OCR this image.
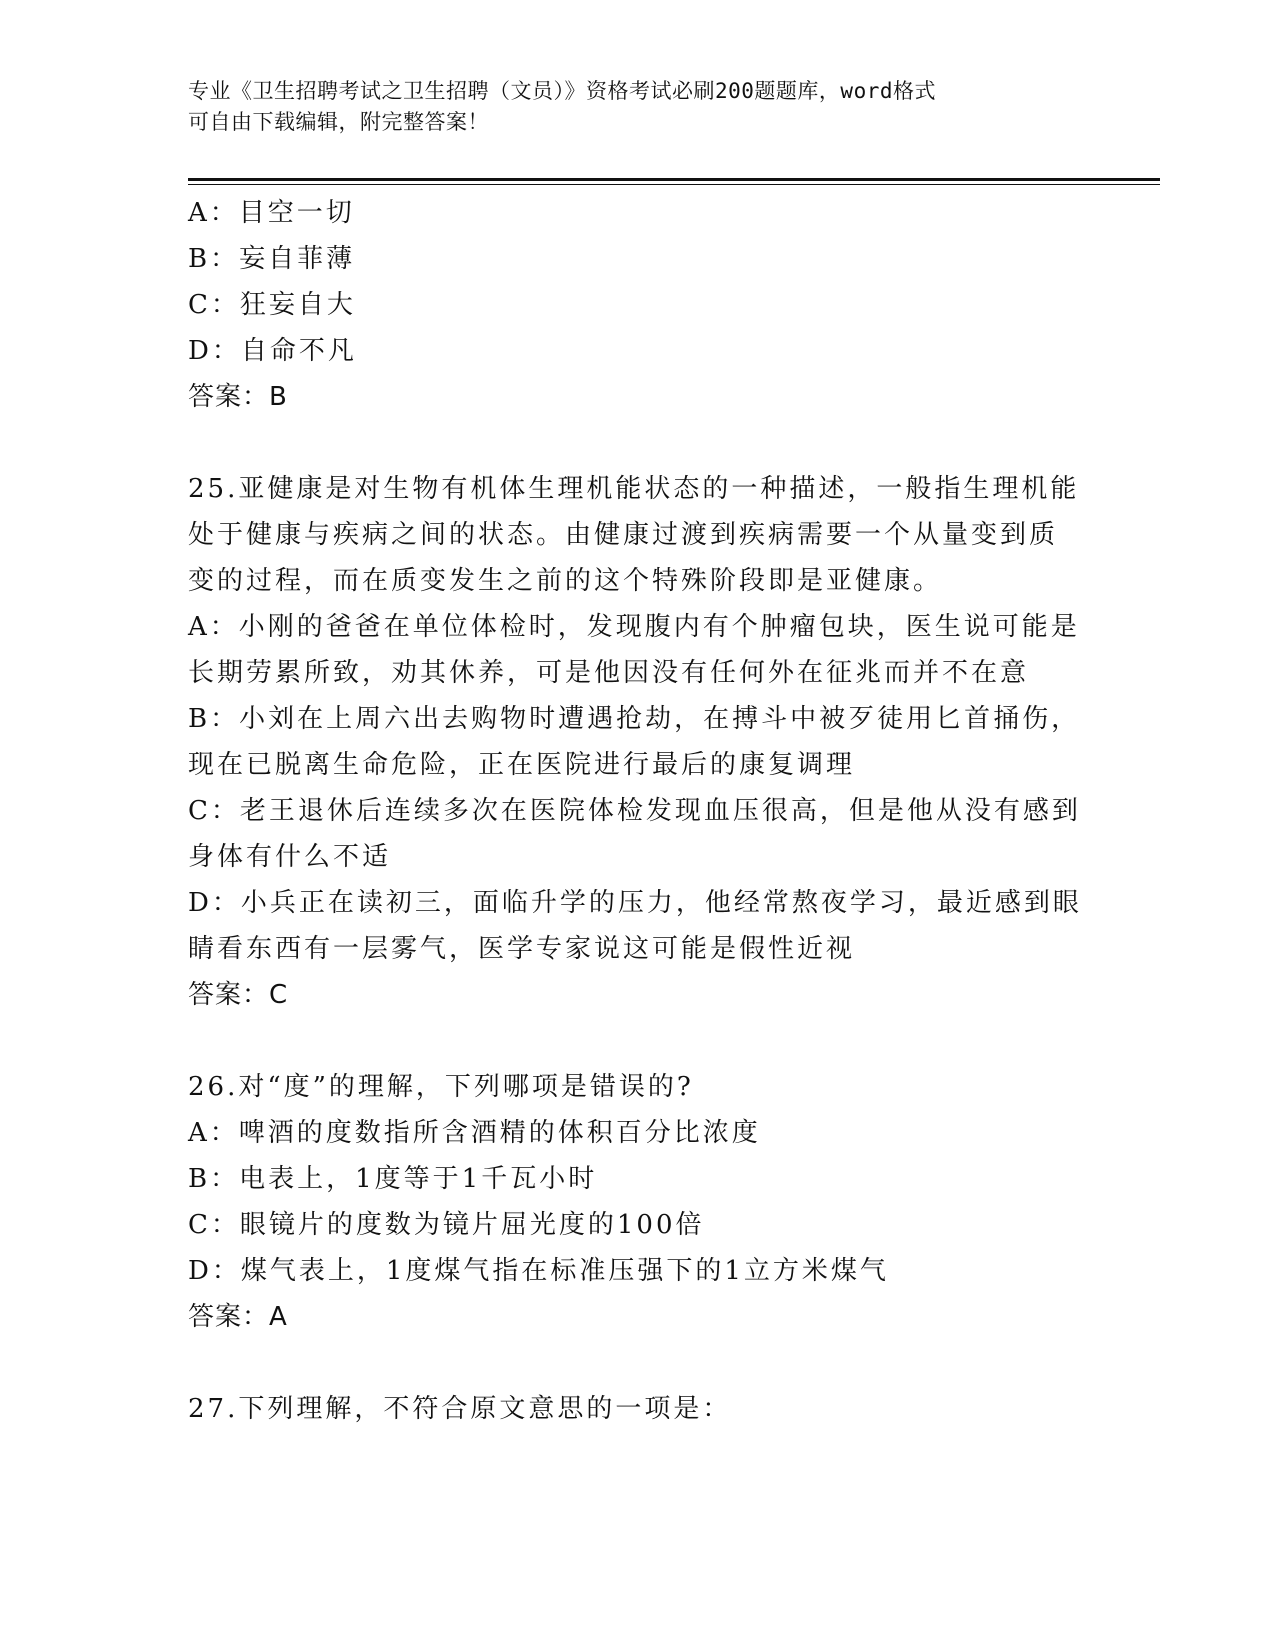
专业《卫生招聘考试之卫生招聘（文员）》资格考试必刷200题题库，word格式
可自由下载编辑，附完整答案！
A：目空一切
B：妄自菲薄
C：狂妄自大
D：自命不凡
答案：B
25.亚健康是对生物有机体生理机能状态的一种描述，一般指生理机能
处于健康与疾病之间的状态。由健康过渡到疾病需要一个从量变到质
变的过程，而在质变发生之前的这个特殊阶段即是亚健康。
A：小刚的爸爸在单位体检时，发现腹内有个肿瘤包块，医生说可能是
长期劳累所致，劝其休养，可是他因没有任何外在征兆而并不在意
B：小刘在上周六出去购物时遭遇抢劫，在搏斗中被歹徒用匕首捅伤，
现在已脱离生命危险，正在医院进行最后的康复调理
C：老王退休后连续多次在医院体检发现血压很高，但是他从没有感到
身体有什么不适
D：小兵正在读初三，面临升学的压力，他经常熬夜学习，最近感到眼
睛看东西有一层雾气，医学专家说这可能是假性近视
答案：C
26.对“度”的理解，下列哪项是错误的?
A：啤酒的度数指所含酒精的体积百分比浓度
B：电表上，1度等于1千瓦小时
C：眼镜片的度数为镜片屈光度的100倍
D：煤气表上，1度煤气指在标准压强下的1立方米煤气
答案：A
27.下列理解，不符合原文意思的一项是：
